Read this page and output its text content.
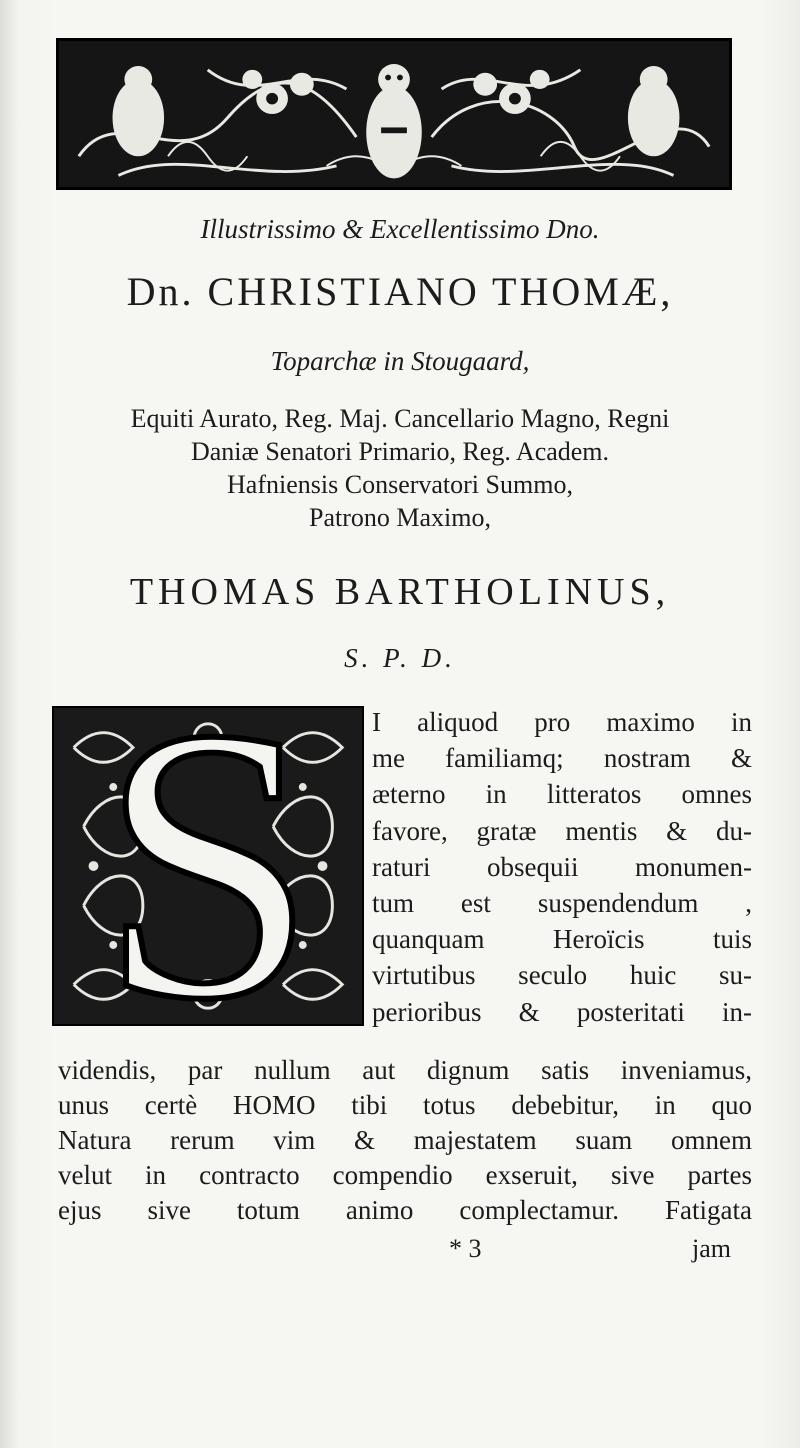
Illustrissimo & Excellentissimo Dno.
Dn. CHRISTIANO THOMÆ,
Toparchæ in Stougaard,
Equiti Aurato, Reg. Maj. Cancellario Magno, Regni
Daniæ Senatori Primario, Reg. Academ.
Hafniensis Conservatori Summo,
Patrono Maximo,
THOMAS BARTHOLINUS,
S. P. D.
S	I aliquod pro maximo in
me familiamq; nostram &
æterno in litteratos omnes
favore, gratæ mentis & du-
raturi obsequii monumen-
tum est suspendendum ,
quanquam Heroïcis tuis
virtutibus seculo huic su-
perioribus & posteritati in-
videndis, par nullum aut dignum satis inveniamus,
unus certè HOMO tibi totus debebitur, in quo
Natura rerum vim & majestatem suam omnem
velut in contracto compendio exseruit, sive partes
ejus sive totum animo complectamur. Fatigata
* 3	jam
